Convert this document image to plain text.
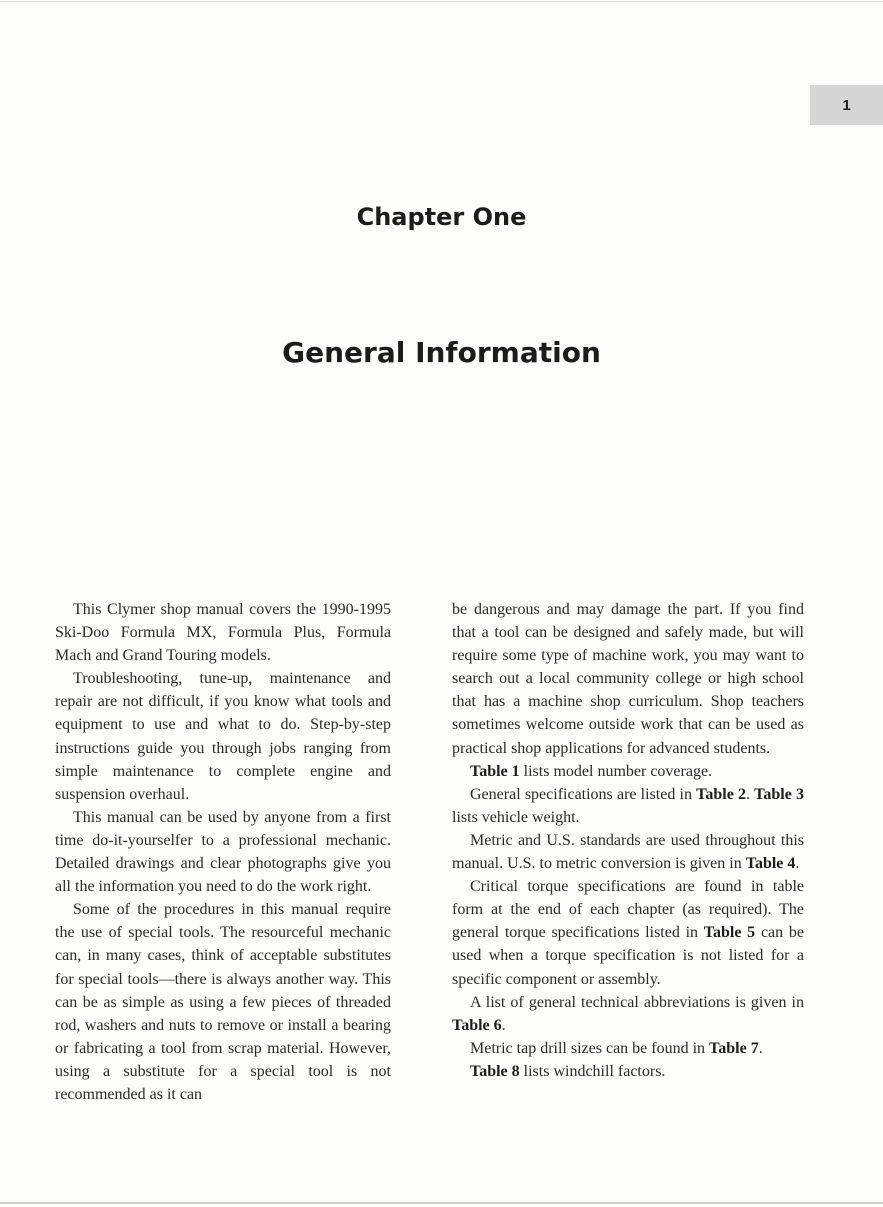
1
Chapter One
General Information

This Clymer shop manual covers the 1990-1995 Ski-Doo Formula MX, Formula Plus, Formula Mach and Grand Touring models.

Troubleshooting, tune-up, maintenance and repair are not difficult, if you know what tools and equipment to use and what to do. Step-by-step instructions guide you through jobs ranging from simple maintenance to complete engine and suspension overhaul.

This manual can be used by anyone from a first time do-it-yourselfer to a professional mechanic. Detailed drawings and clear photographs give you all the information you need to do the work right.

Some of the procedures in this manual require the use of special tools. The resourceful mechanic can, in many cases, think of acceptable substitutes for special tools—there is always another way. This can be as simple as using a few pieces of threaded rod, washers and nuts to remove or install a bearing or fabricating a tool from scrap material. However, using a substitute for a special tool is not recommended as it can

be dangerous and may damage the part. If you find that a tool can be designed and safely made, but will require some type of machine work, you may want to search out a local community college or high school that has a machine shop curriculum. Shop teachers sometimes welcome outside work that can be used as practical shop applications for advanced students.

Table 1 lists model number coverage.

General specifications are listed in Table 2. Table 3 lists vehicle weight.

Metric and U.S. standards are used throughout this manual. U.S. to metric conversion is given in Table 4.

Critical torque specifications are found in table form at the end of each chapter (as required). The general torque specifications listed in Table 5 can be used when a torque specification is not listed for a specific component or assembly.

A list of general technical abbreviations is given in Table 6.

Metric tap drill sizes can be found in Table 7.

Table 8 lists windchill factors.
